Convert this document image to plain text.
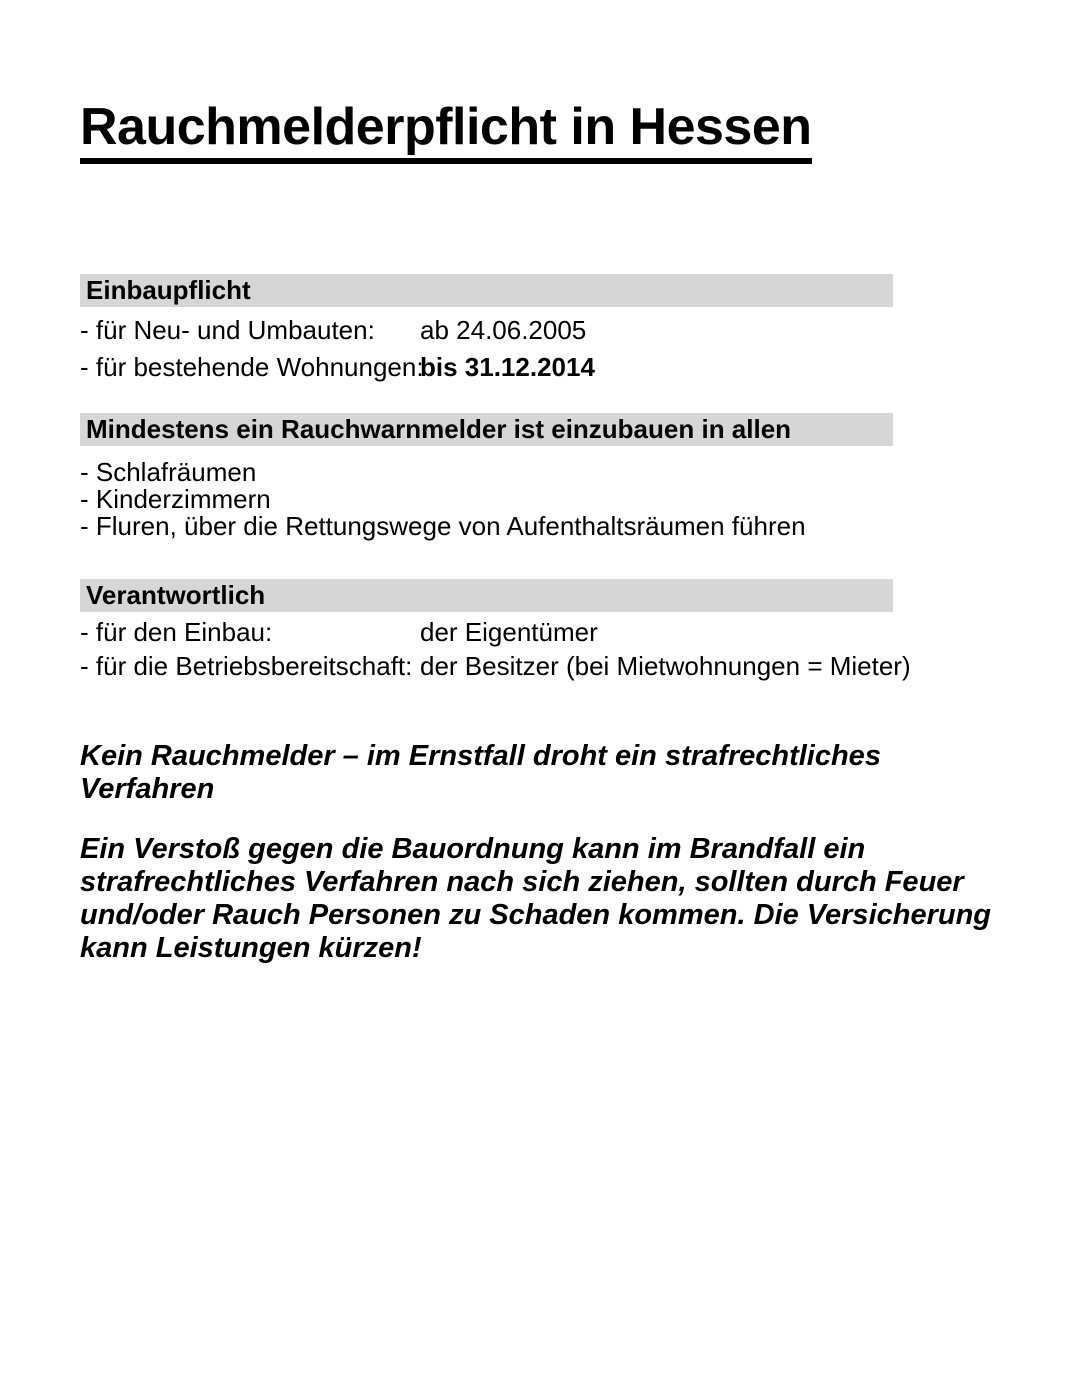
Rauchmelderpflicht in Hessen
Einbaupflicht
- für Neu- und Umbauten:	ab 24.06.2005
- für bestehende Wohnungen:
bis 31.12.2014
Mindestens ein Rauchwarnmelder ist einzubauen in allen
- Schlafräumen
- Kinderzimmern
- Fluren, über die Rettungswege von Aufenthaltsräumen führen
Verantwortlich
- für den Einbau:	der Eigentümer
- für die Betriebsbereitschaft: der Besitzer (bei Mietwohnungen = Mieter)

Kein Rauchmelder – im Ernstfall droht ein strafrechtliches Verfahren

Ein Verstoß gegen die Bauordnung kann im Brandfall ein strafrechtliches Verfahren nach sich ziehen, sollten durch Feuer und/oder Rauch Personen zu Schaden kommen. Die Versicherung kann Leistungen kürzen!
